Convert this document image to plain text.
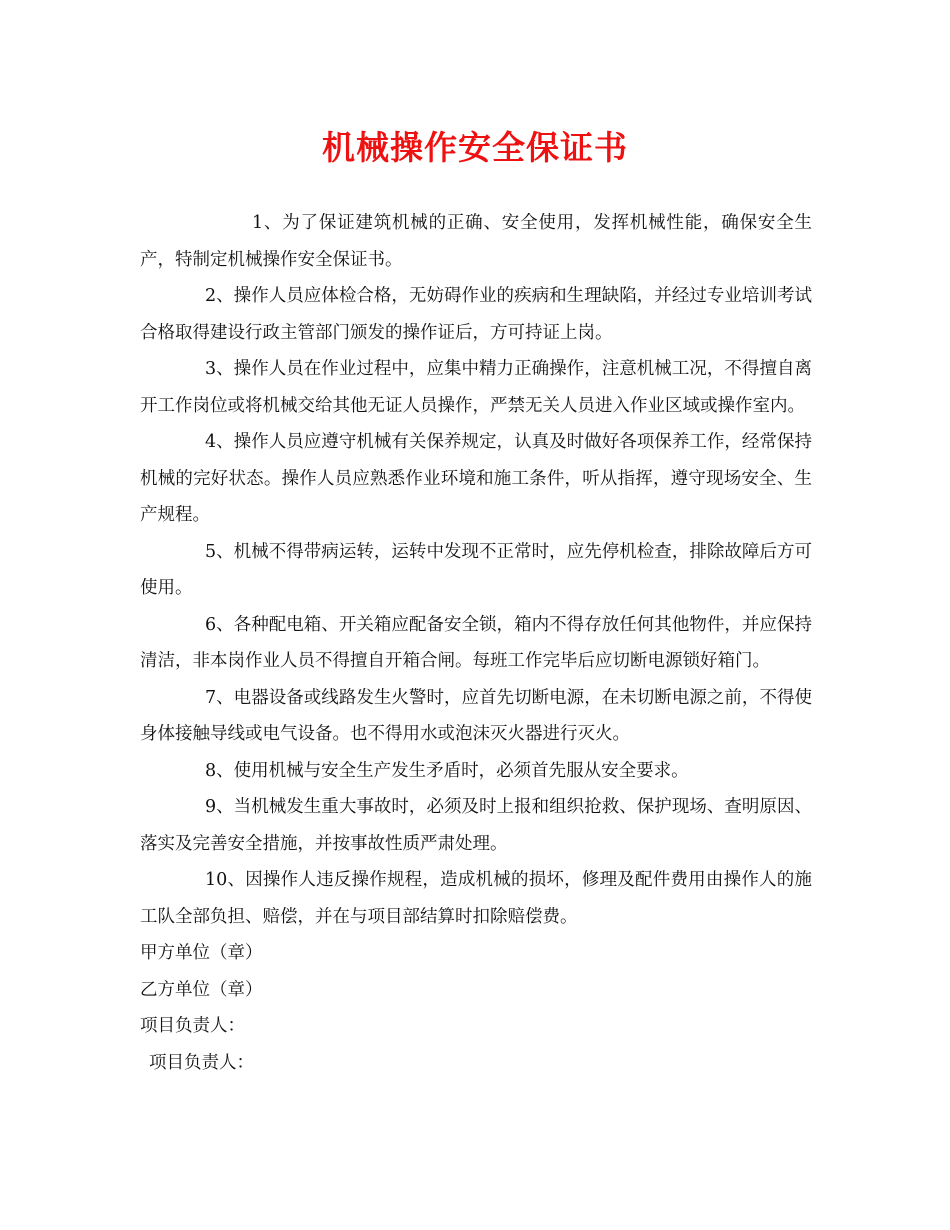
机械操作安全保证书

1、为了保证建筑机械的正确、安全使用，发挥机械性能，确保安全生产，特制定机械操作安全保证书。

2、操作人员应体检合格，无妨碍作业的疾病和生理缺陷，并经过专业培训考试合格取得建设行政主管部门颁发的操作证后，方可持证上岗。

3、操作人员在作业过程中，应集中精力正确操作，注意机械工况，不得擅自离开工作岗位或将机械交给其他无证人员操作，严禁无关人员进入作业区域或操作室内。

4、操作人员应遵守机械有关保养规定，认真及时做好各项保养工作，经常保持机械的完好状态。操作人员应熟悉作业环境和施工条件，听从指挥，遵守现场安全、生产规程。

5、机械不得带病运转，运转中发现不正常时，应先停机检查，排除故障后方可使用。

6、各种配电箱、开关箱应配备安全锁，箱内不得存放任何其他物件，并应保持清洁，非本岗作业人员不得擅自开箱合闸。每班工作完毕后应切断电源锁好箱门。

7、电器设备或线路发生火警时，应首先切断电源，在未切断电源之前，不得使身体接触导线或电气设备。也不得用水或泡沫灭火器进行灭火。

8、使用机械与安全生产发生矛盾时，必须首先服从安全要求。

9、当机械发生重大事故时，必须及时上报和组织抢救、保护现场、查明原因、落实及完善安全措施，并按事故性质严肃处理。

10、因操作人违反操作规程，造成机械的损坏，修理及配件费用由操作人的施工队全部负担、赔偿，并在与项目部结算时扣除赔偿费。

甲方单位（章）

乙方单位（章）

项目负责人：

项目负责人：
